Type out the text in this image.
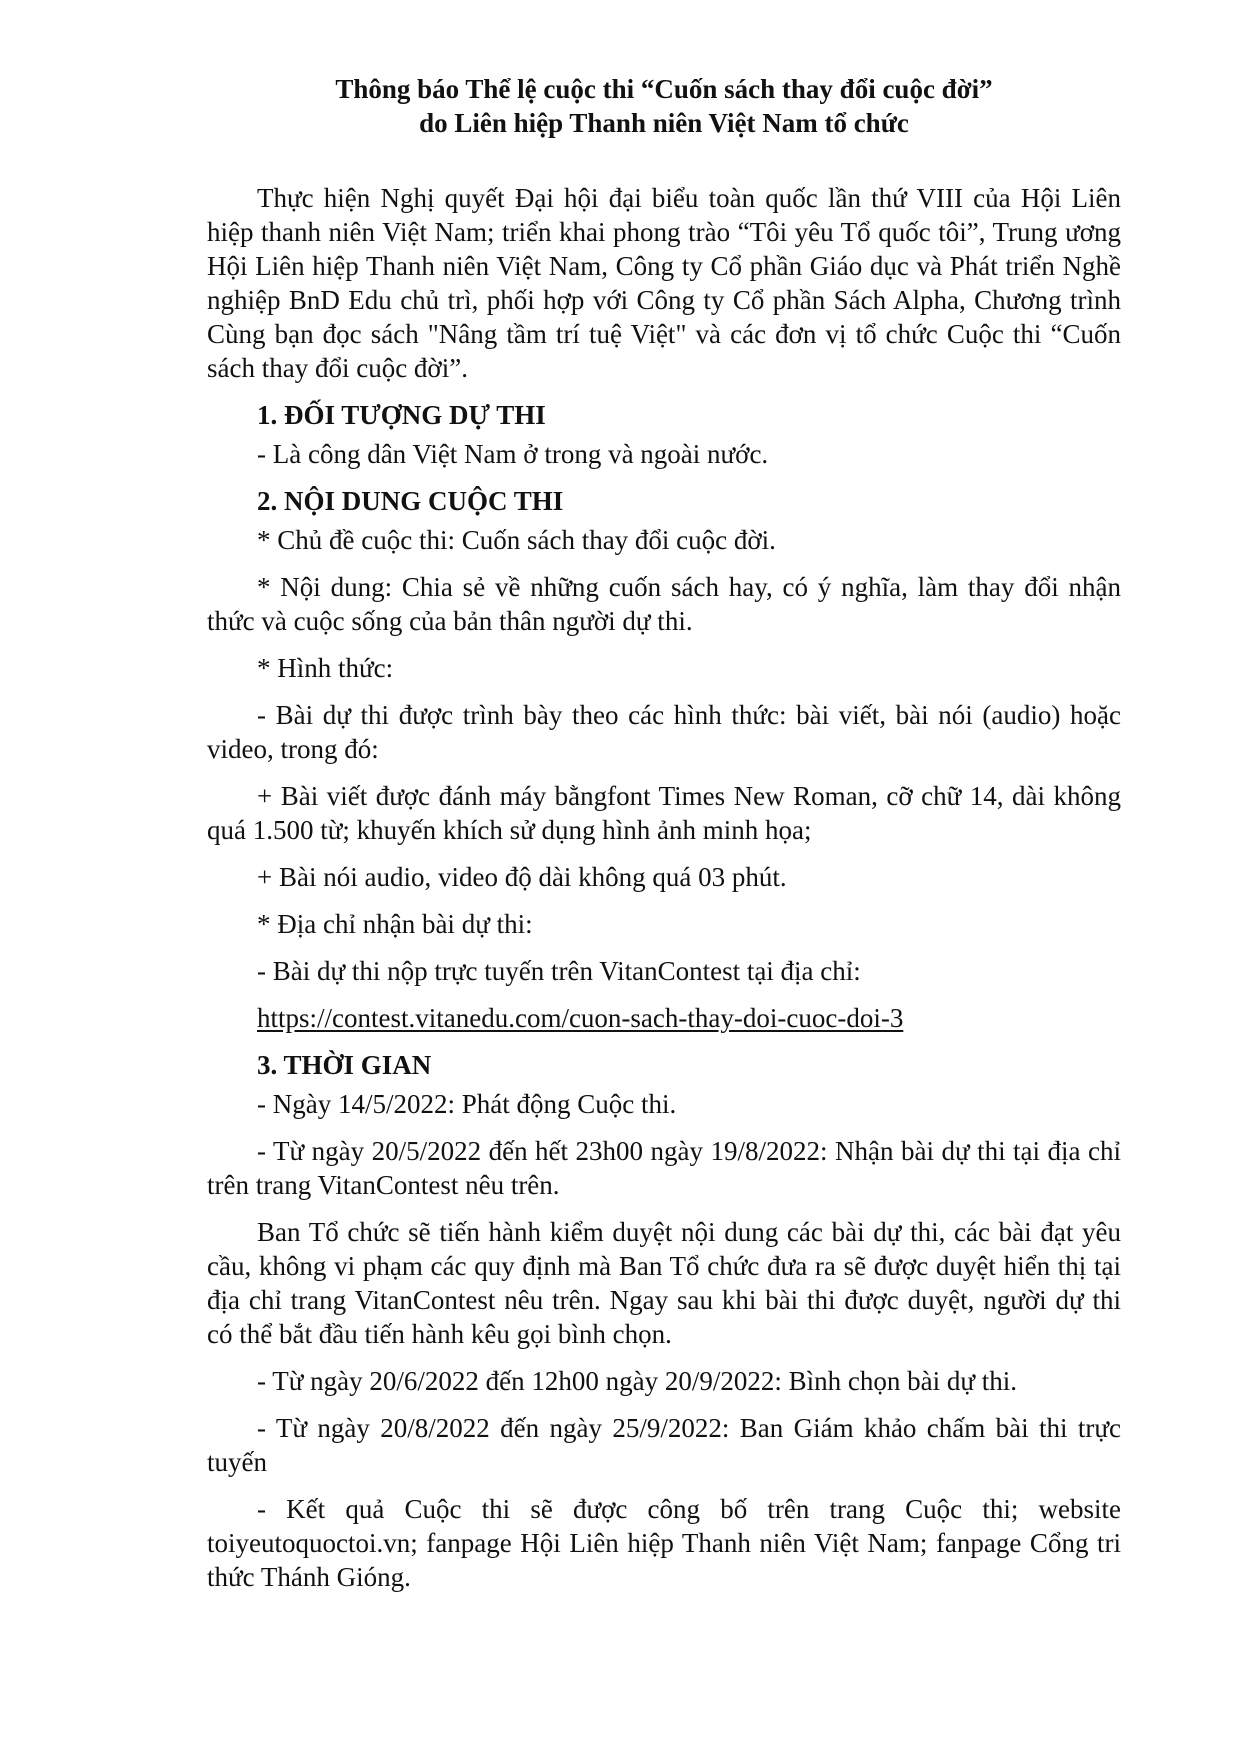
Thông báo Thể lệ cuộc thi “Cuốn sách thay đổi cuộc đời”
do Liên hiệp Thanh niên Việt Nam tổ chức

Thực hiện Nghị quyết Đại hội đại biểu toàn quốc lần thứ VIII của Hội Liên hiệp thanh niên Việt Nam; triển khai phong trào “Tôi yêu Tổ quốc tôi”, Trung ương Hội Liên hiệp Thanh niên Việt Nam, Công ty Cổ phần Giáo dục và Phát triển Nghề nghiệp BnD Edu chủ trì, phối hợp với Công ty Cổ phần Sách Alpha, Chương trình Cùng bạn đọc sách "Nâng tầm trí tuệ Việt" và các đơn vị tổ chức Cuộc thi “Cuốn sách thay đổi cuộc đời”.

1. ĐỐI TƯỢNG DỰ THI

- Là công dân Việt Nam ở trong và ngoài nước.

2. NỘI DUNG CUỘC THI

* Chủ đề cuộc thi: Cuốn sách thay đổi cuộc đời.

* Nội dung: Chia sẻ về những cuốn sách hay, có ý nghĩa, làm thay đổi nhận thức và cuộc sống của bản thân người dự thi.

* Hình thức:

- Bài dự thi được trình bày theo các hình thức: bài viết, bài nói (audio) hoặc video, trong đó:

+ Bài viết được đánh máy bằngfont Times New Roman, cỡ chữ 14, dài không quá 1.500 từ; khuyến khích sử dụng hình ảnh minh họa;

+ Bài nói audio, video độ dài không quá 03 phút.

* Địa chỉ nhận bài dự thi:

- Bài dự thi nộp trực tuyến trên VitanContest tại địa chỉ:

https://contest.vitanedu.com/cuon-sach-thay-doi-cuoc-doi-3

3. THỜI GIAN

- Ngày 14/5/2022: Phát động Cuộc thi.

- Từ ngày 20/5/2022 đến hết 23h00 ngày 19/8/2022: Nhận bài dự thi tại địa chỉ trên trang VitanContest nêu trên.

Ban Tổ chức sẽ tiến hành kiểm duyệt nội dung các bài dự thi, các bài đạt yêu cầu, không vi phạm các quy định mà Ban Tổ chức đưa ra sẽ được duyệt hiển thị tại địa chỉ trang VitanContest nêu trên. Ngay sau khi bài thi được duyệt, người dự thi có thể bắt đầu tiến hành kêu gọi bình chọn.

- Từ ngày 20/6/2022 đến 12h00 ngày 20/9/2022: Bình chọn bài dự thi.

- Từ ngày 20/8/2022 đến ngày 25/9/2022: Ban Giám khảo chấm bài thi trực tuyến

- Kết quả Cuộc thi sẽ được công bố trên trang Cuộc thi; website toiyeutoquoctoi.vn; fanpage Hội Liên hiệp Thanh niên Việt Nam; fanpage Cổng tri thức Thánh Gióng.
